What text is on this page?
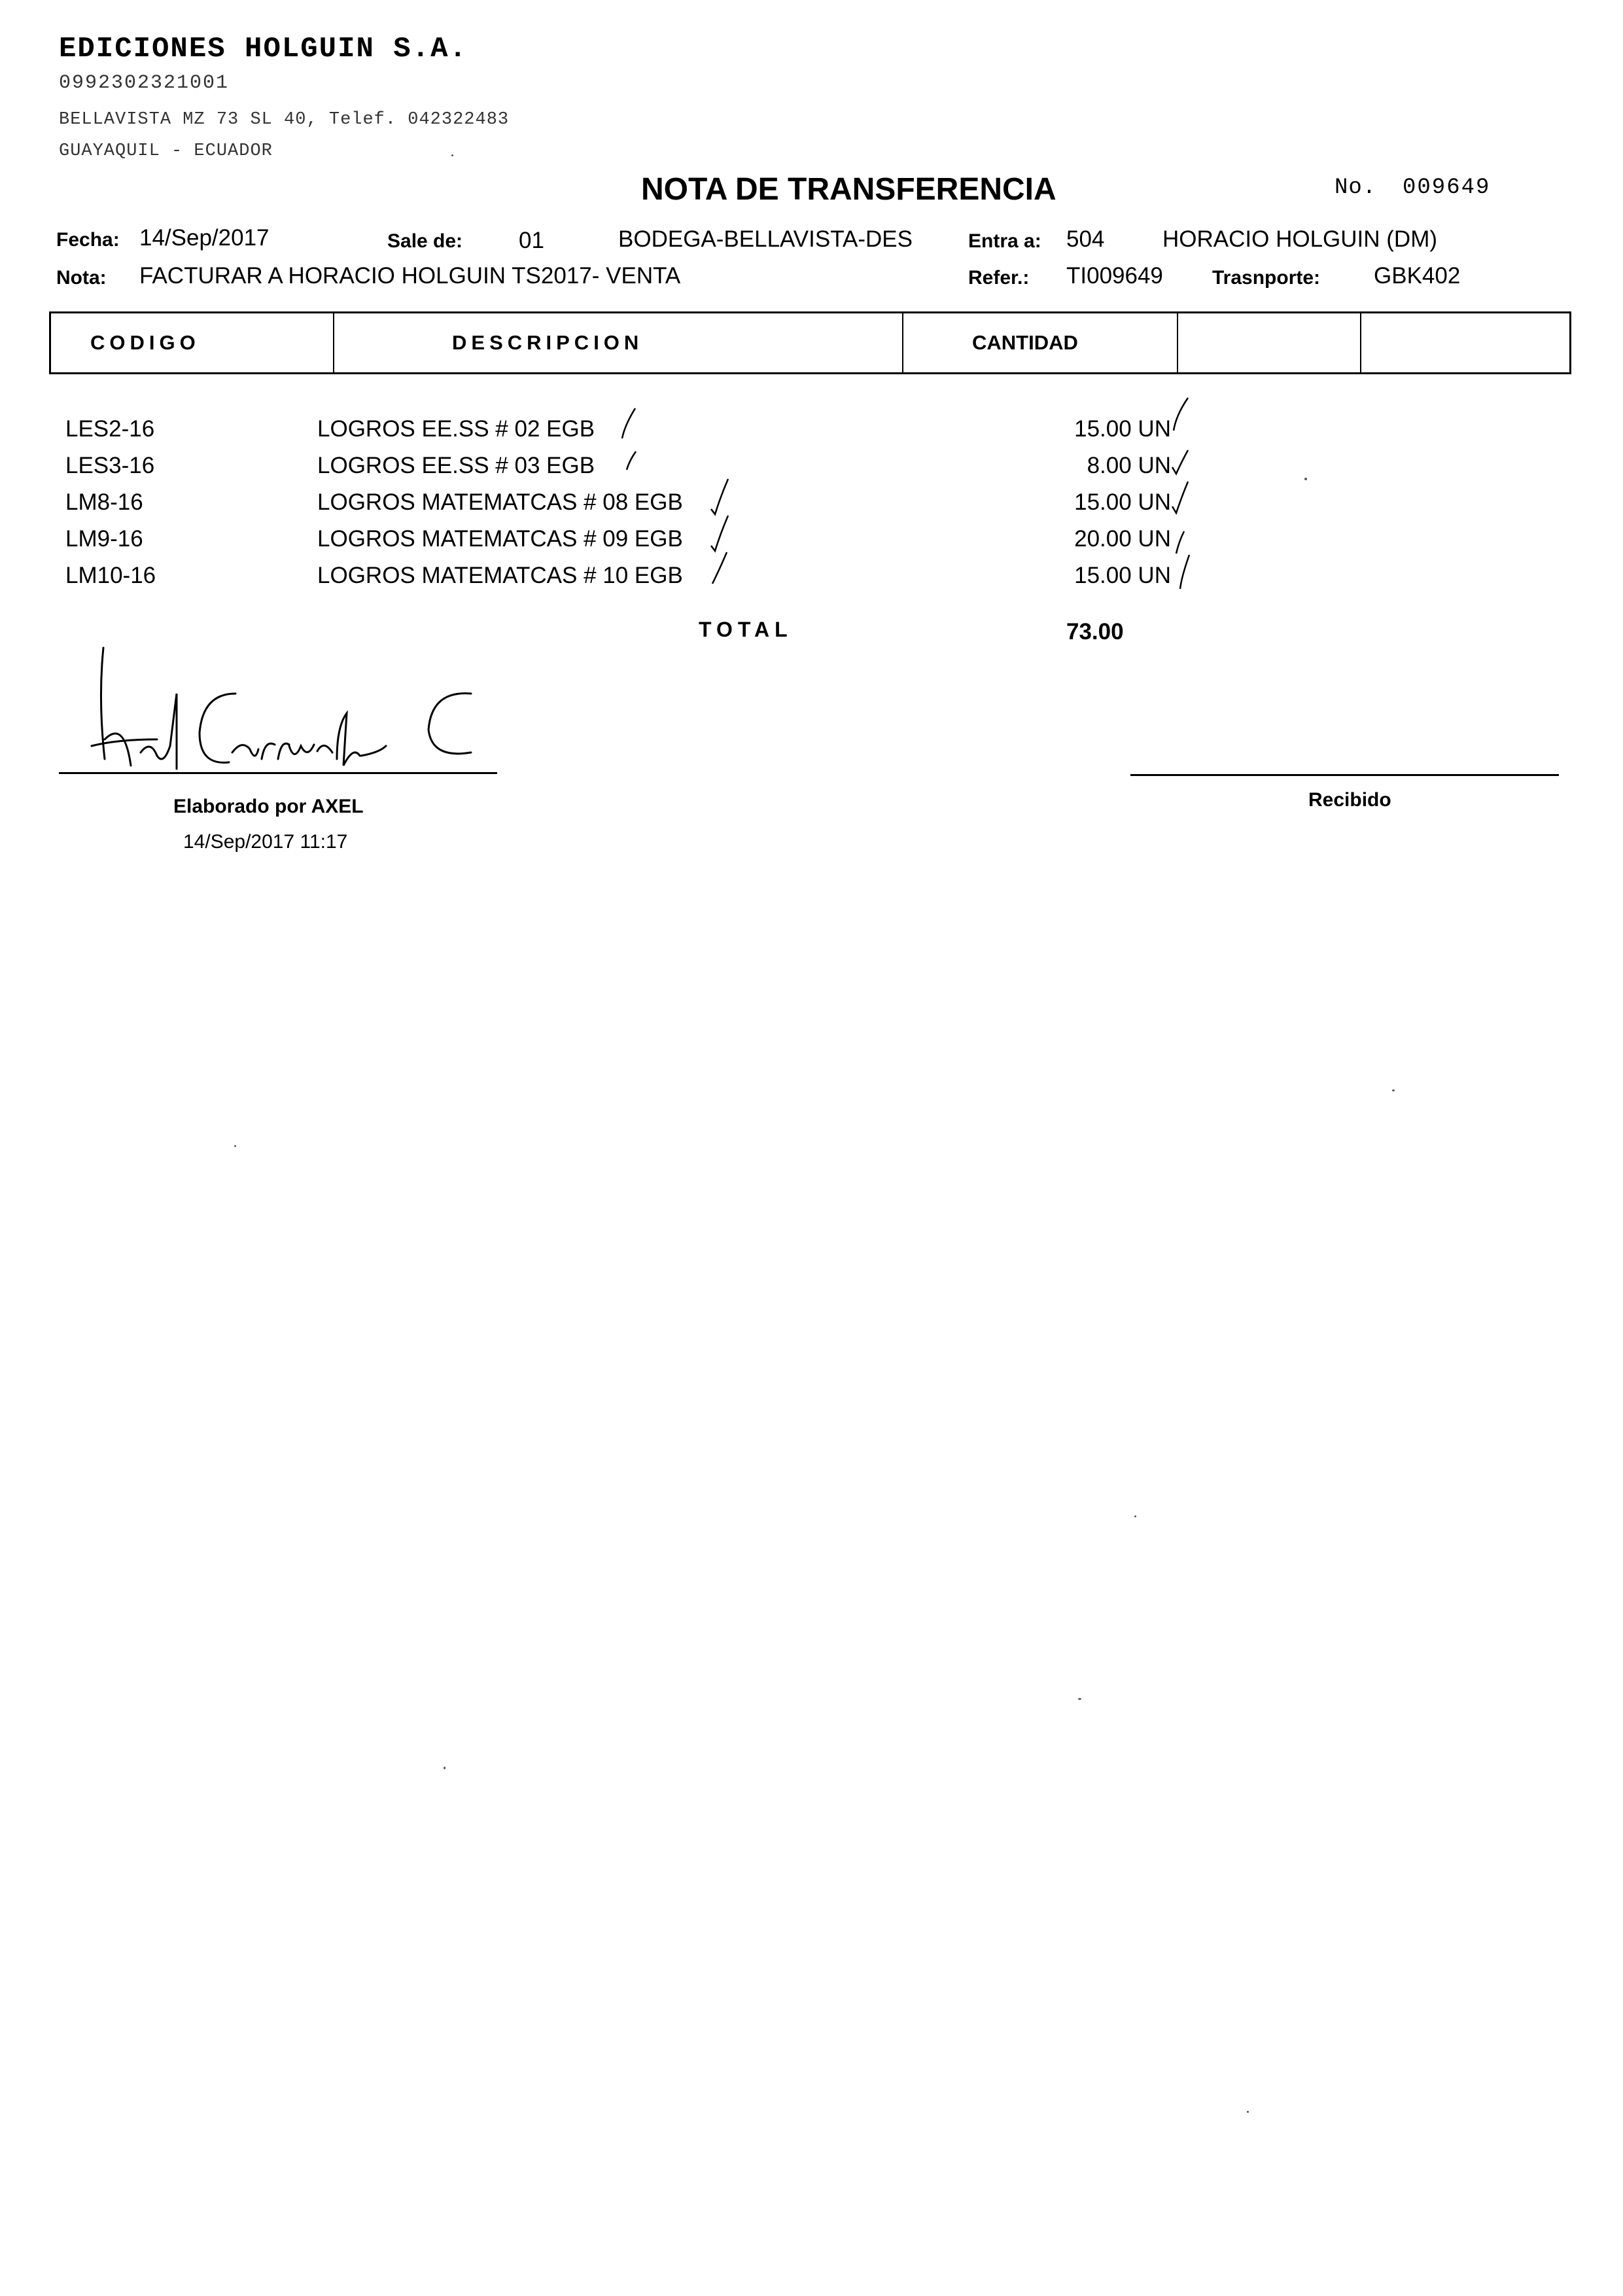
EDICIONES HOLGUIN S.A.
0992302321001
BELLAVISTA MZ 73 SL 40, Telef. 042322483
GUAYAQUIL - ECUADOR
NOTA DE TRANSFERENCIA	No. 009649
Fecha: 14/Sep/2017	Sale de: 01	BODEGA-BELLAVISTA-DES	Entra a: 504	HORACIO HOLGUIN (DM)
Nota: FACTURAR A HORACIO HOLGUIN TS2017- VENTA	Refer.: TI009649	Trasnporte: GBK402
CODIGO	DESCRIPCION	CANTIDAD
LES2-16	LOGROS EE.SS # 02 EGB	15.00 UN
LES3-16	LOGROS EE.SS # 03 EGB	8.00 UN
LM8-16	LOGROS MATEMATCAS # 08 EGB	15.00 UN
LM9-16	LOGROS MATEMATCAS # 09 EGB	20.00 UN
LM10-16	LOGROS MATEMATCAS # 10 EGB	15.00 UN
TOTAL	73.00
Elaborado por AXEL
14/Sep/2017 11:17
Recibido
